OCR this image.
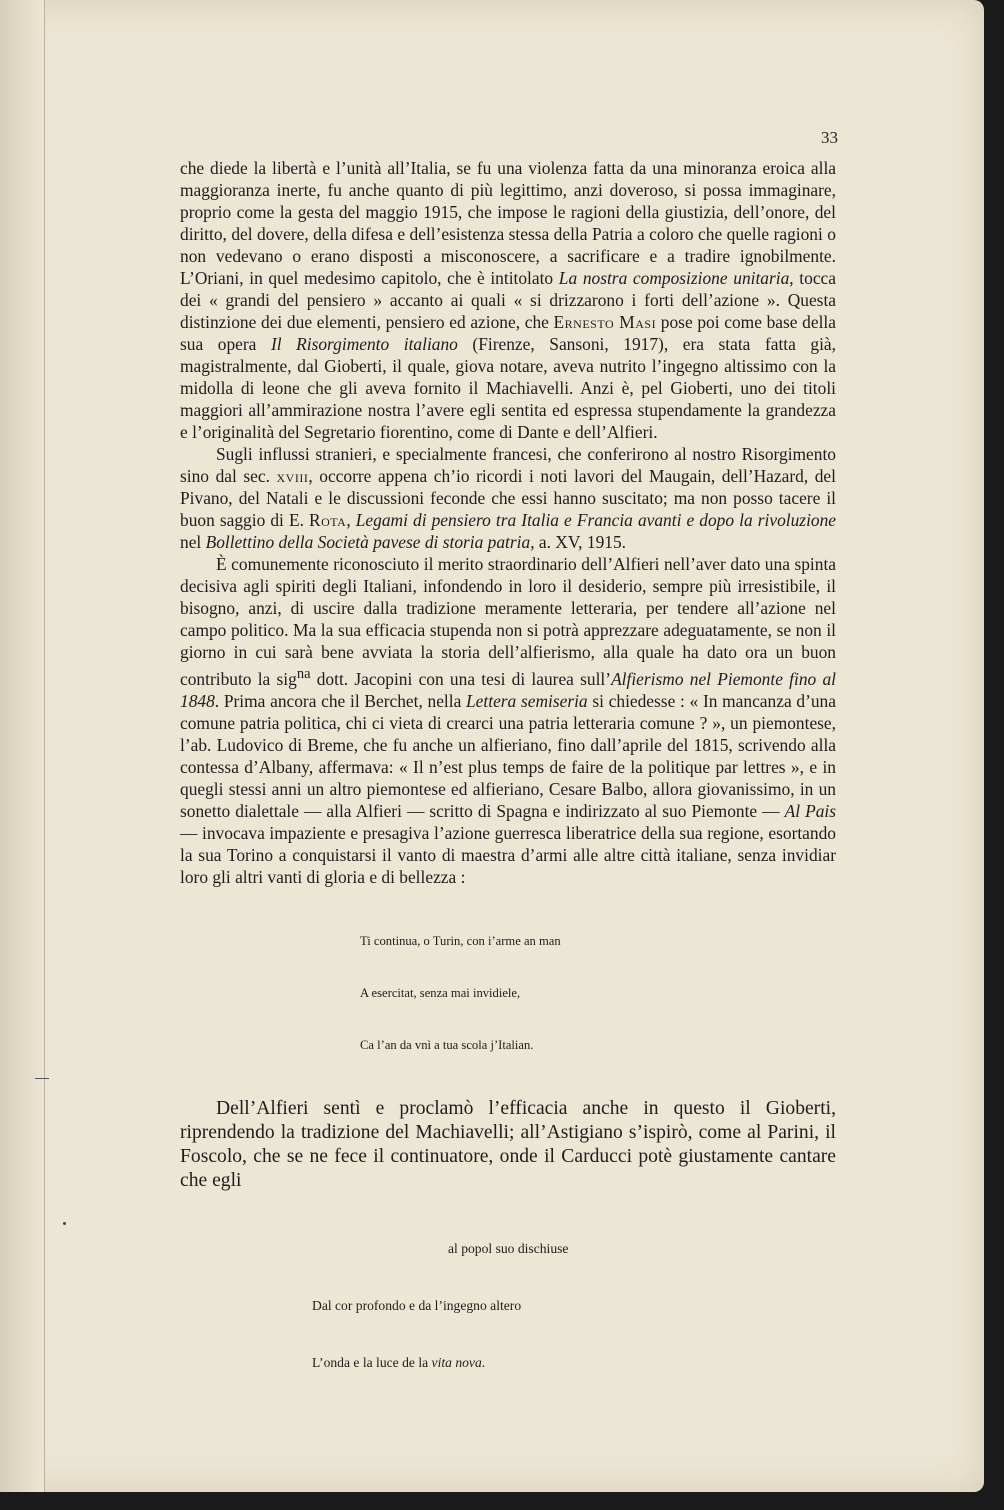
33

che diede la libertà e l’unità all’Italia, se fu una violenza fatta da una minoranza eroica alla maggioranza inerte, fu anche quanto di più legittimo, anzi doveroso, si possa immaginare, proprio come la gesta del maggio 1915, che impose le ragioni della giustizia, dell’onore, del diritto, del dovere, della difesa e dell’esistenza stessa della Patria a coloro che quelle ragioni o non vedevano o erano disposti a misconoscere, a sacrificare e a tradire ignobilmente. L’Oriani, in quel medesimo capitolo, che è intitolato La nostra composizione unitaria, tocca dei « grandi del pensiero » accanto ai quali « si drizzarono i forti dell’azione ». Questa distinzione dei due elementi, pensiero ed azione, che Ernesto Masi pose poi come base della sua opera Il Risorgimento italiano (Firenze, Sansoni, 1917), era stata fatta già, magistralmente, dal Gioberti, il quale, giova notare, aveva nutrito l’ingegno altissimo con la midolla di leone che gli aveva fornito il Machiavelli. Anzi è, pel Gioberti, uno dei titoli maggiori all’ammirazione nostra l’avere egli sentita ed espressa stupendamente la grandezza e l’originalità del Segretario fiorentino, come di Dante e dell’Alfieri.

Sugli influssi stranieri, e specialmente francesi, che conferirono al nostro Risorgimento sino dal sec. xviii, occorre appena ch’io ricordi i noti lavori del Maugain, dell’Hazard, del Pivano, del Natali e le discussioni feconde che essi hanno suscitato; ma non posso tacere il buon saggio di E. Rota, Legami di pensiero tra Italia e Francia avanti e dopo la rivoluzione nel Bollettino della Società pavese di storia patria, a. XV, 1915.

È comunemente riconosciuto il merito straordinario dell’Alfieri nell’aver dato una spinta decisiva agli spiriti degli Italiani, infondendo in loro il desiderio, sempre più irresistibile, il bisogno, anzi, di uscire dalla tradizione meramente letteraria, per tendere all’azione nel campo politico. Ma la sua efficacia stupenda non si potrà apprezzare adeguatamente, se non il giorno in cui sarà bene avviata la storia dell’alfierismo, alla quale ha dato ora un buon contributo la sig$^{na}$ dott. Jacopini con una tesi di laurea sull’Alfierismo nel Piemonte fino al 1848. Prima ancora che il Berchet, nella Lettera semiseria si chiedesse : « In mancanza d’una comune patria politica, chi ci vieta di crearci una patria letteraria comune ? », un piemontese, l’ab. Ludovico di Breme, che fu anche un alfieriano, fino dall’aprile del 1815, scrivendo alla contessa d’Albany, affermava: « Il n’est plus temps de faire de la politique par lettres », e in quegli stessi anni un altro piemontese ed alfieriano, Cesare Balbo, allora giovanissimo, in un sonetto dialettale — alla Alfieri — scritto di Spagna e indirizzato al suo Piemonte — Al Pais — invocava impaziente e presagiva l’azione guerresca liberatrice della sua regione, esortando la sua Torino a conquistarsi il vanto di maestra d’armi alle altre città italiane, senza invidiar loro gli altri vanti di gloria e di bellezza :

Ti continua, o Turin, con i’arme an man

A esercitat, senza mai invidiele,

Ca l’an da vnì a tua scola j’Italian.

Dell’Alfieri sentì e proclamò l’efficacia anche in questo il Gioberti, riprendendo la tradizione del Machiavelli; all’Astigiano s’ispirò, come al Parini, il Foscolo, che se ne fece il continuatore, onde il Carducci potè giustamente cantare che egli

al popol suo dischiuse

Dal cor profondo e da l’ingegno altero

L’onda e la luce de la vita nova.
